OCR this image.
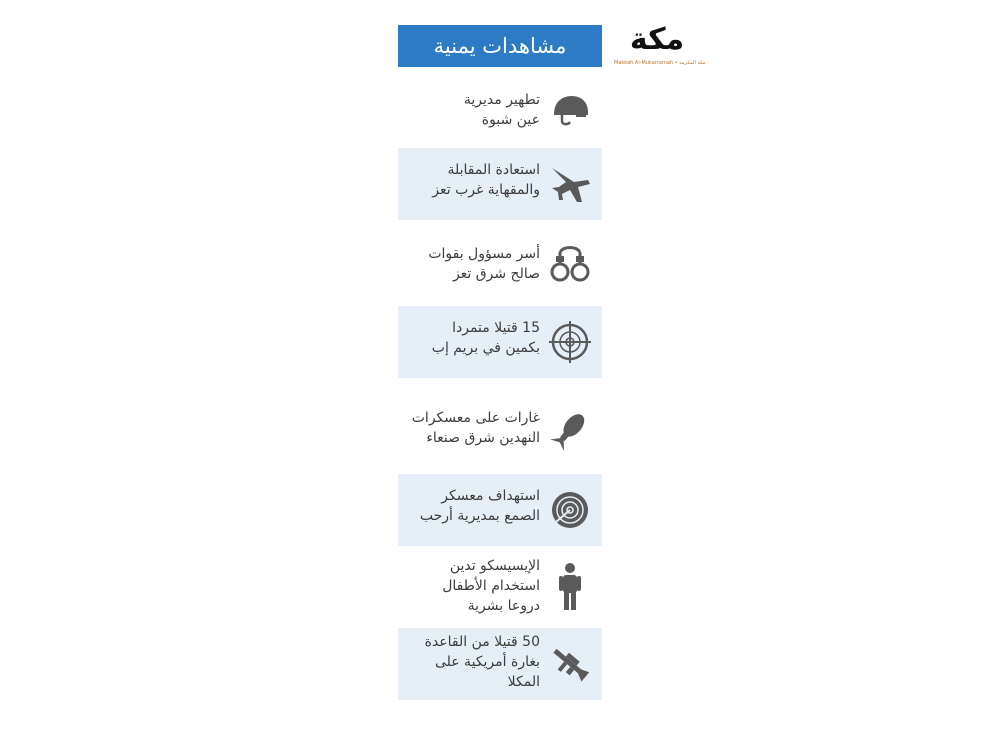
مشاهدات يمنية	مكة
Makkah Al-Mukarramah • مكة المكرمة
تطهير مديرية
عين شبوة
استعادة المقابلة
والمقهاية غرب تعز
أسر مسؤول بقوات
صالح شرق تعز
15 قتيلا متمردا
بكمين في بريم إب
غارات على معسكرات
النهدين شرق صنعاء
استهداف معسكر
الصمع بمديرية أرحب
الإيسيسكو تدين
استخدام الأطفال
دروعا بشرية
50 قتيلا من القاعدة
بغارة أمريكية على
المكلا
